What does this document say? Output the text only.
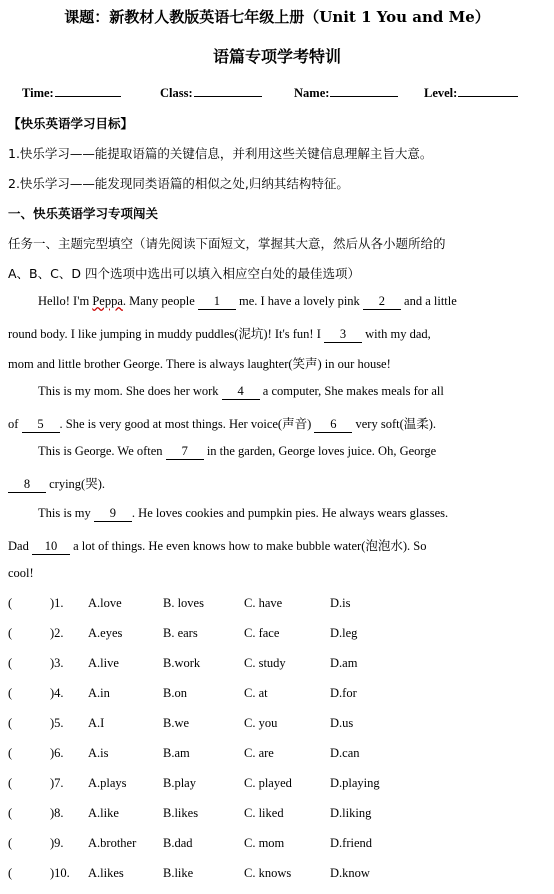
课题：新教材人教版英语七年级上册（Unit 1 You and Me）
语篇专项学考特训
Time:	Class:	Name:	Level:
【快乐英语学习目标】
1.快乐学习——能提取语篇的关键信息，并利用这些关键信息理解主旨大意。
2.快乐学习——能发现同类语篇的相似之处,归纳其结构特征。
一、快乐英语学习专项闯关
任务一、主题完型填空（请先阅读下面短文，掌握其大意，然后从各小题所给的
A、B、C、D 四个选项中选出可以填入相应空白处的最佳选项）
Hello! I'm Peppa. Many people 1 me. I have a lovely pink 2 and a little
round body. I like jumping in muddy puddles(泥坑)! It's fun! I 3 with my dad,
mom and little brother George. There is always laughter(笑声) in our house!
This is my mom. She does her work 4 a computer, She makes meals for all
of 5 . She is very good at most things. Her voice(声音) 6 very soft(温柔).
This is George. We often 7 in the garden, George loves juice. Oh, George
8 crying(哭).
This is my 9 . He loves cookies and pumpkin pies. He always wears glasses.
Dad 10 a lot of things. He even knows how to make bubble water(泡泡水). So
cool!
(	)1. A.love	B. loves	C. have	D.is
(	)2. A.eyes	B. ears	C. face	D.leg
(	)3. A.live	B.work	C. study	D.am
(	)4. A.in	B.on	C. at	D.for
(	)5. A.I	B.we	C. you	D.us
(	)6. A.is	B.am	C. are	D.can
(	)7. A.plays	B.play	C. played	D.playing
(	)8. A.like	B.likes	C. liked	D.liking
(	)9. A.brother B.dad	C. mom	D.friend
(	)10. A.likes	B.like	C. knows	D.know
